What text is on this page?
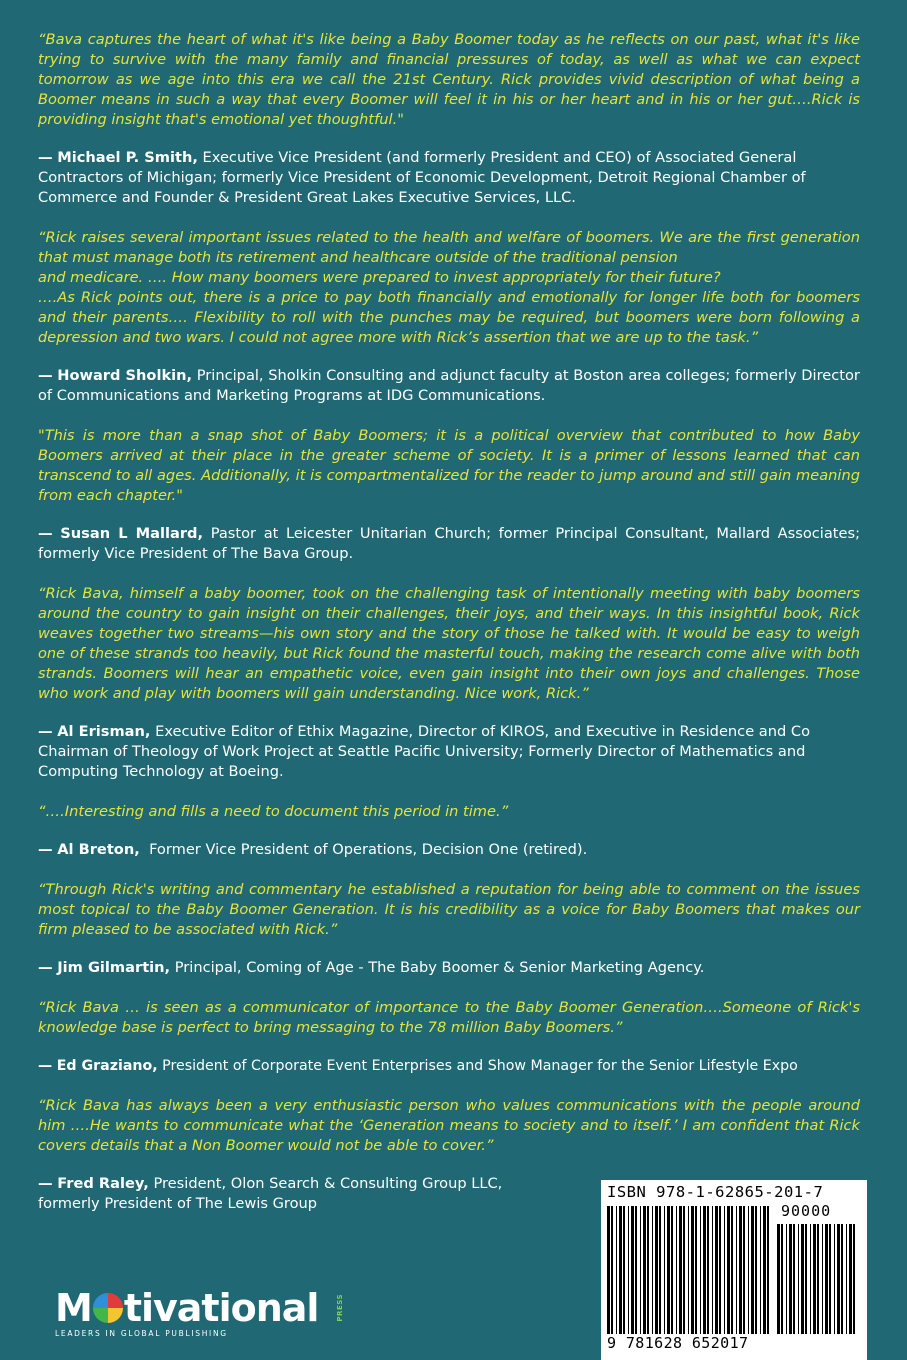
“Bava captures the heart of what it's like being a Baby Boomer today as he reflects on our past, what it's like trying to survive with the many family and financial pressures of today, as well as what we can expect tomorrow as we age into this era we call the 21st Century. Rick provides vivid description of what being a Boomer means in such a way that every Boomer will feel it in his or her heart and in his or her gut….Rick is providing insight that's emotional yet thoughtful."

— Michael P. Smith, Executive Vice President (and formerly President and CEO) of Associated General Contractors of Michigan; formerly Vice President of Economic Development, Detroit Regional Chamber of Commerce and Founder & President Great Lakes Executive Services, LLC.

“Rick raises several important issues related to the health and welfare of boomers. We are the first generation that must manage both its retirement and healthcare outside of the traditional pension
and medicare. …. How many boomers were prepared to invest appropriately for their future?
….As Rick points out, there is a price to pay both financially and emotionally for longer life both for boomers and their parents…. Flexibility to roll with the punches may be required, but boomers were born following a depression and two wars. I could not agree more with Rick’s assertion that we are up to the task.”

— Howard Sholkin, Principal, Sholkin Consulting and adjunct faculty at Boston area colleges; formerly Director of Communications and Marketing Programs at IDG Communications.

"This is more than a snap shot of Baby Boomers; it is a political overview that contributed to how Baby Boomers arrived at their place in the greater scheme of society. It is a primer of lessons learned that can transcend to all ages. Additionally, it is compartmentalized for the reader to jump around and still gain meaning from each chapter."

— Susan L Mallard, Pastor at Leicester Unitarian Church; former Principal Consultant, Mallard Associates; formerly Vice President of The Bava Group.

“Rick Bava, himself a baby boomer, took on the challenging task of intentionally meeting with baby boomers around the country to gain insight on their challenges, their joys, and their ways. In this insightful book, Rick weaves together two streams—his own story and the story of those he talked with. It would be easy to weigh one of these strands too heavily, but Rick found the masterful touch, making the research come alive with both strands. Boomers will hear an empathetic voice, even gain insight into their own joys and challenges. Those who work and play with boomers will gain understanding. Nice work, Rick.”

— Al Erisman, Executive Editor of Ethix Magazine, Director of KIROS, and Executive in Residence and Co Chairman of Theology of Work Project at Seattle Pacific University; Formerly Director of Mathematics and Computing Technology at Boeing.

“….Interesting and fills a need to document this period in time.”

— Al Breton, Former Vice President of Operations, Decision One (retired).

“Through Rick's writing and commentary he established a reputation for being able to comment on the issues most topical to the Baby Boomer Generation. It is his credibility as a voice for Baby Boomers that makes our firm pleased to be associated with Rick.”

— Jim Gilmartin, Principal, Coming of Age - The Baby Boomer & Senior Marketing Agency.

“Rick Bava … is seen as a communicator of importance to the Baby Boomer Generation….Someone of Rick's knowledge base is perfect to bring messaging to the 78 million Baby Boomers.”

— Ed Graziano, President of Corporate Event Enterprises and Show Manager for the Senior Lifestyle Expo

“Rick Bava has always been a very enthusiastic person who values communications with the people around him ….He wants to communicate what the ‘Generation means to society and to itself.’ I am confident that Rick covers details that a Non Boomer would not be able to cover.”

— Fred Raley, President, Olon Search & Consulting Group LLC,
formerly President of The Lewis Group

ISBN 978-1-62865-201-7
90000
9 781628 652017
M tivational	PRESS
LEADERS IN GLOBAL PUBLISHING
